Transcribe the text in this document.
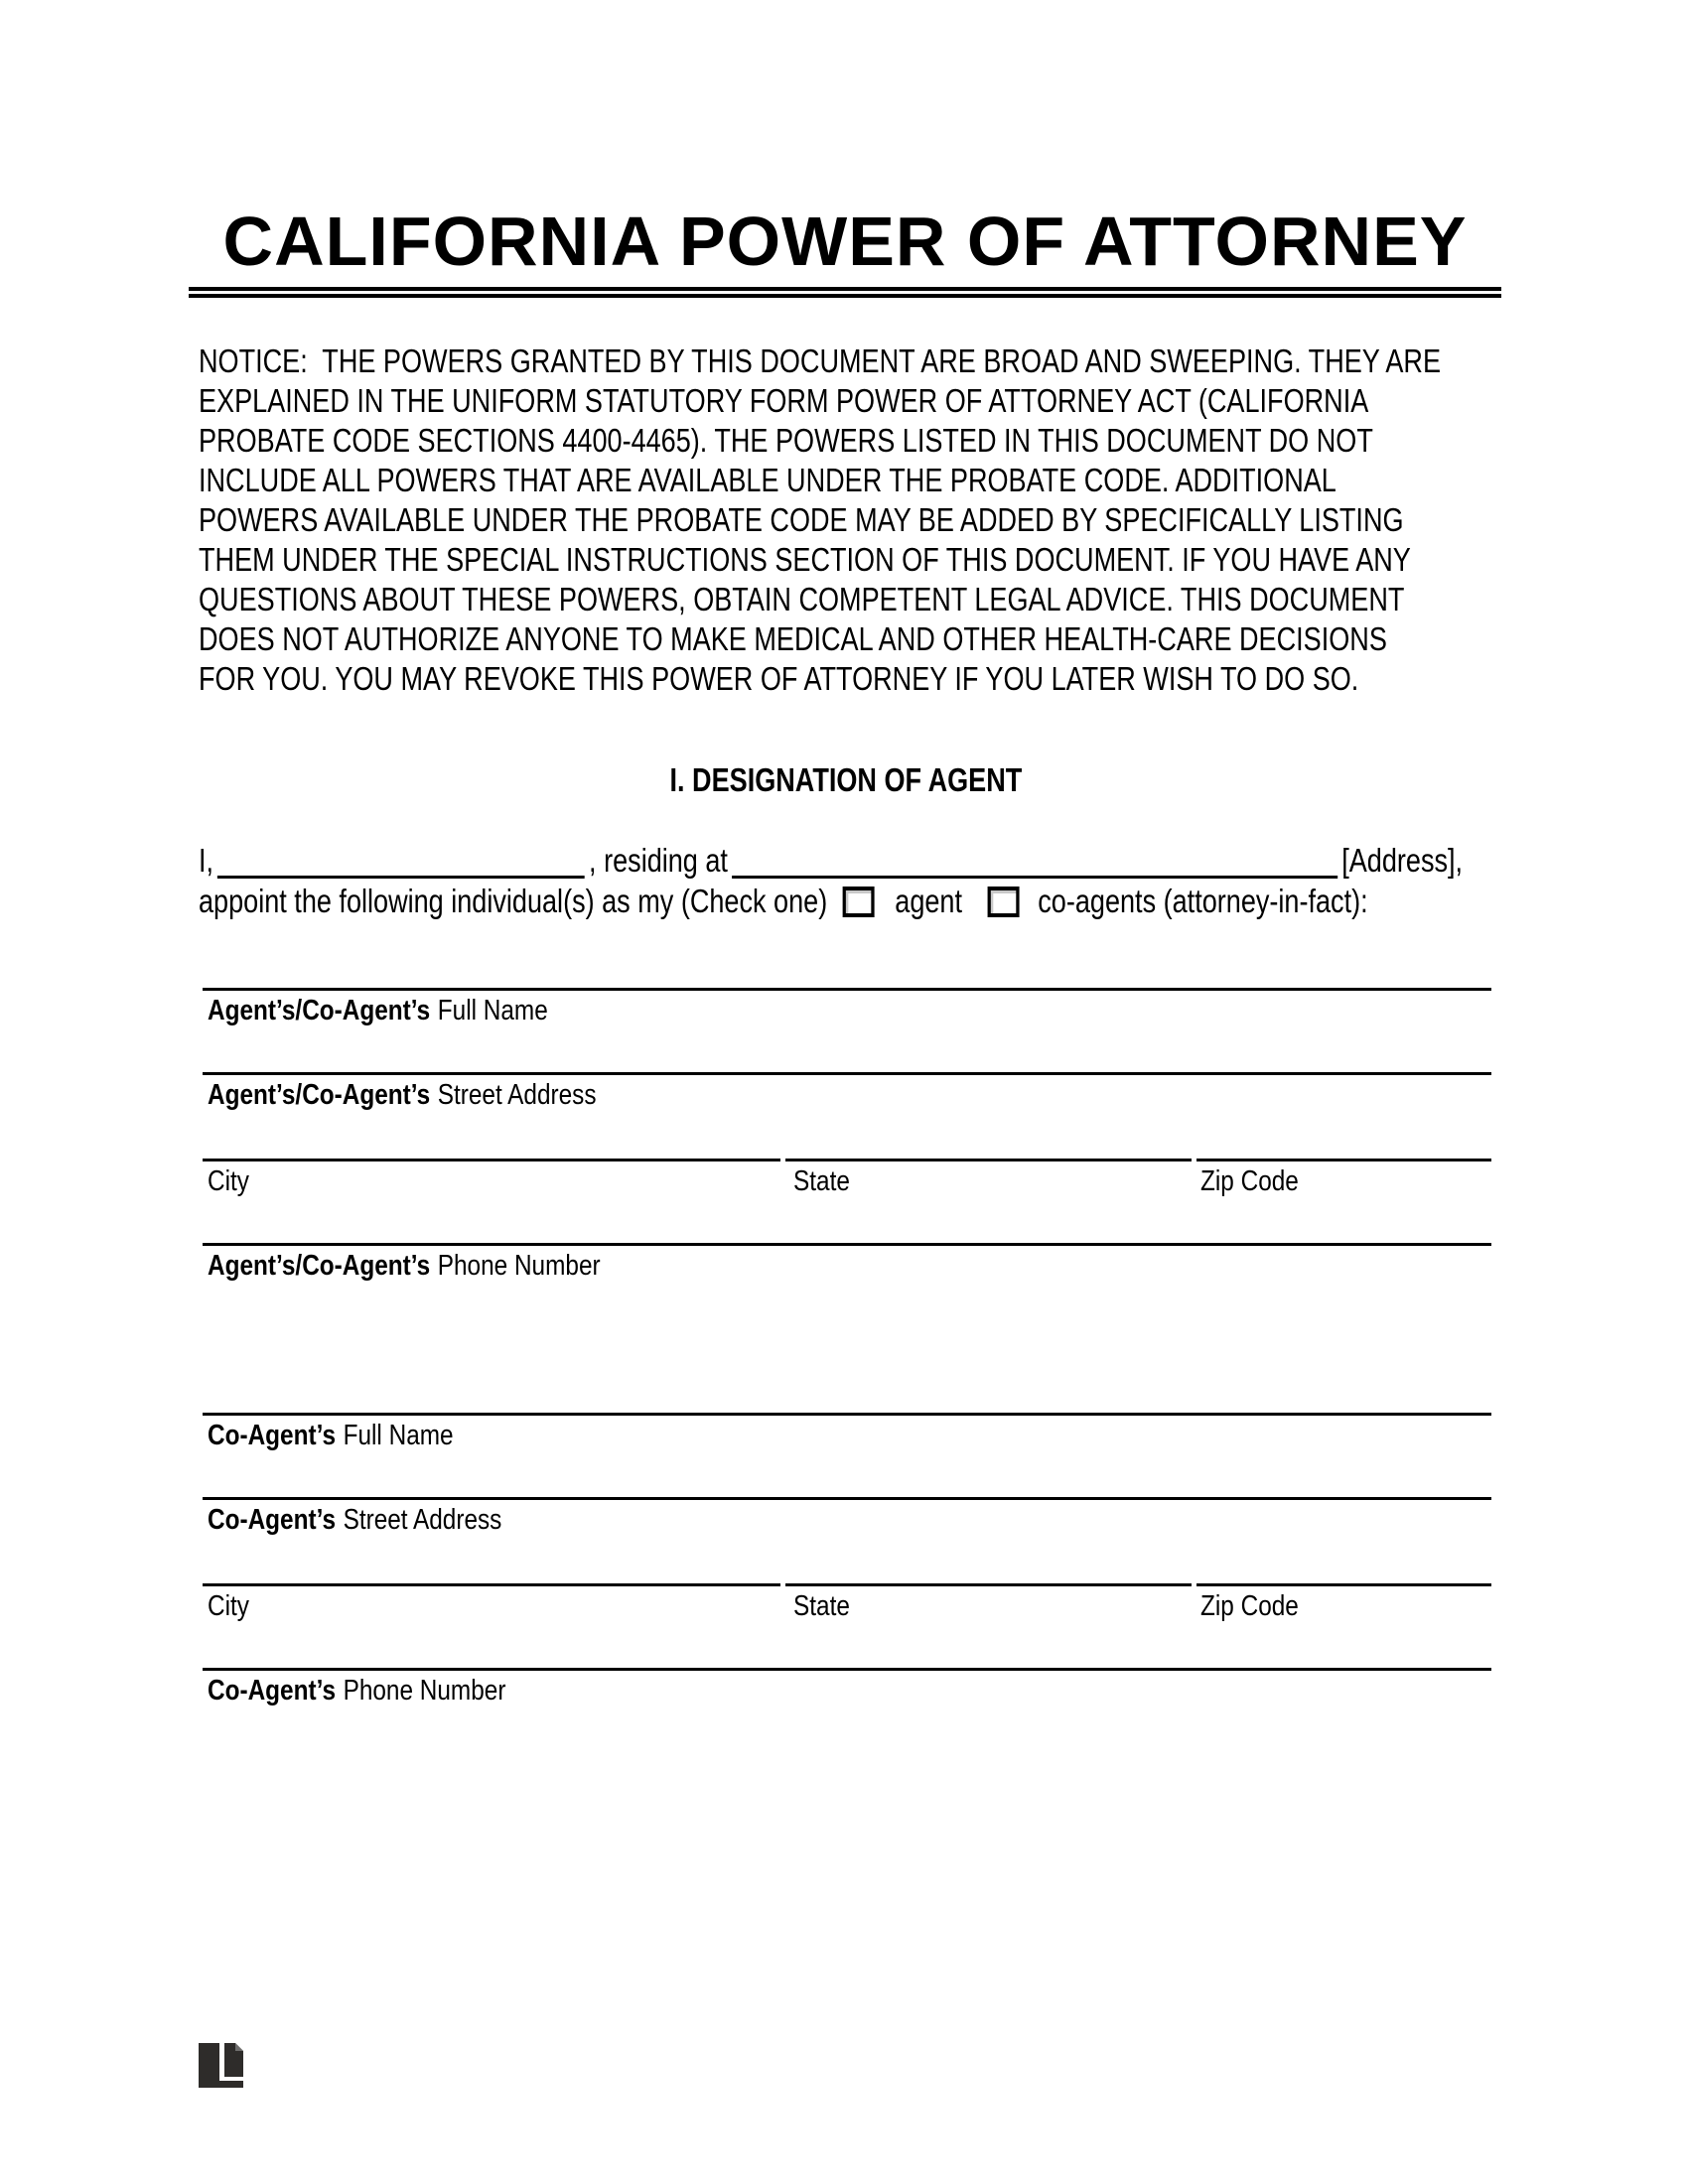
CALIFORNIA POWER OF ATTORNEY
NOTICE:  THE POWERS GRANTED BY THIS DOCUMENT ARE BROAD AND SWEEPING. THEY ARE
EXPLAINED IN THE UNIFORM STATUTORY FORM POWER OF ATTORNEY ACT (CALIFORNIA
PROBATE CODE SECTIONS 4400-4465). THE POWERS LISTED IN THIS DOCUMENT DO NOT
INCLUDE ALL POWERS THAT ARE AVAILABLE UNDER THE PROBATE CODE. ADDITIONAL
POWERS AVAILABLE UNDER THE PROBATE CODE MAY BE ADDED BY SPECIFICALLY LISTING
THEM UNDER THE SPECIAL INSTRUCTIONS SECTION OF THIS DOCUMENT. IF YOU HAVE ANY
QUESTIONS ABOUT THESE POWERS, OBTAIN COMPETENT LEGAL ADVICE. THIS DOCUMENT
DOES NOT AUTHORIZE ANYONE TO MAKE MEDICAL AND OTHER HEALTH-CARE DECISIONS
FOR YOU. YOU MAY REVOKE THIS POWER OF ATTORNEY IF YOU LATER WISH TO DO SO.
I. DESIGNATION OF AGENT
I,	, residing at	[Address],
appoint the following individual(s) as my (Check one) agent co-agents (attorney-in-fact):
Agent’s/Co-Agent’s Full Name
Agent’s/Co-Agent’s Street Address
City	State	Zip Code
Agent’s/Co-Agent’s Phone Number
Co-Agent’s Full Name
Co-Agent’s Street Address
City	State	Zip Code
Co-Agent’s Phone Number
